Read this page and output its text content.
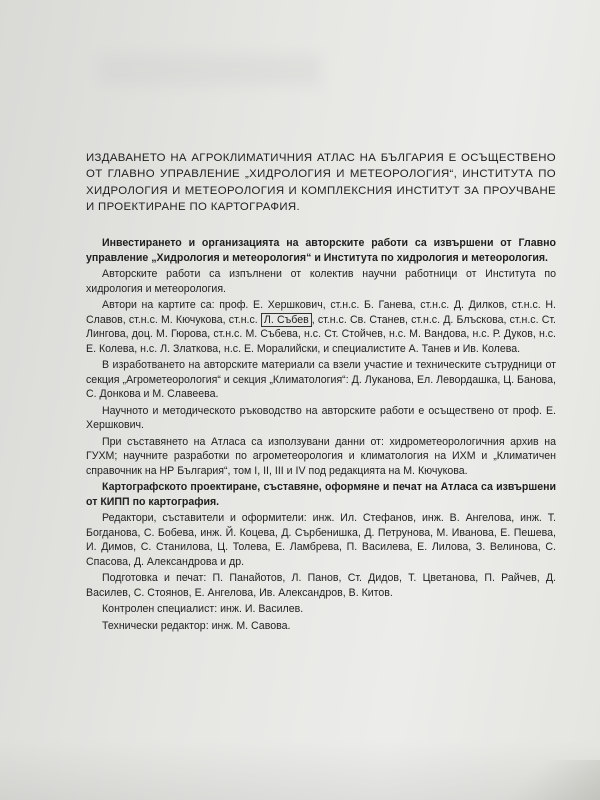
ИЗДАВАНЕТО НА АГРОКЛИМАТИЧНИЯ АТЛАС НА БЪЛГАРИЯ Е ОСЪЩЕСТВЕНО ОТ ГЛАВНО УПРАВЛЕНИЕ „ХИДРОЛОГИЯ И МЕТЕОРОЛОГИЯ“, ИНСТИТУТА ПО ХИДРОЛОГИЯ И МЕТЕОРОЛОГИЯ И КОМПЛЕКСНИЯ ИНСТИТУТ ЗА ПРОУЧВАНЕ И ПРОЕКТИРАНЕ ПО КАРТОГРАФИЯ.

Инвестирането и организацията на авторските работи са извършени от Главно управление „Хидрология и метеорология“ и Института по хидрология и метеорология.

Авторските работи са изпълнени от колектив научни работници от Института по хидрология и метеорология.

Автори на картите са: проф. Е. Хершкович, ст.н.с. Б. Ганева, ст.н.с. Д. Дилков, ст.н.с. Н. Славов, ст.н.с. М. Кючукова, ст.н.с. Л. Събев , ст.н.с. Св. Станев, ст.н.с. Д. Блъскова, ст.н.с. Ст. Лингова, доц. М. Гюрова, ст.н.с. М. Събева, н.с. Ст. Стойчев, н.с. М. Вандова, н.с. Р. Дуков, н.с. Е. Колева, н.с. Л. Златкова, н.с. Е. Моралийски, и специалистите А. Танев и Ив. Колева.

В изработването на авторските материали са взели участие и техническите сътрудници от секция „Агрометеорология“ и секция „Климатология“: Д. Луканова, Ел. Левордашка, Ц. Банова, С. Донкова и М. Славеева.

Научното и методическото ръководство на авторските работи е осъществено от проф. Е. Хершкович.

При съставянето на Атласа са използувани данни от: хидрометеорологичния архив на ГУХМ; научните разработки по агрометеорология и климатология на ИХМ и „Климатичен справочник на НР България“, том I, II, III и IV под редакцията на М. Кючукова.

Картографското проектиране, съставяне, оформяне и печат на Атласа са извършени от КИПП по картография.

Редактори, съставители и оформители: инж. Ил. Стефанов, инж. В. Ангелова, инж. Т. Богданова, С. Бобева, инж. Й. Коцева, Д. Сърбенишка, Д. Петрунова, М. Иванова, Е. Пешева, И. Димов, С. Станилова, Ц. Толева, Е. Ламбрева, П. Василева, Е. Лилова, З. Велинова, С. Спасова, Д. Александрова и др.

Подготовка и печат: П. Панайотов, Л. Панов, Ст. Дидов, Т. Цветанова, П. Райчев, Д. Василев, С. Стоянов, Е. Ангелова, Ив. Александров, В. Китов.

Контролен специалист: инж. И. Василев.

Технически редактор: инж. М. Савова.
